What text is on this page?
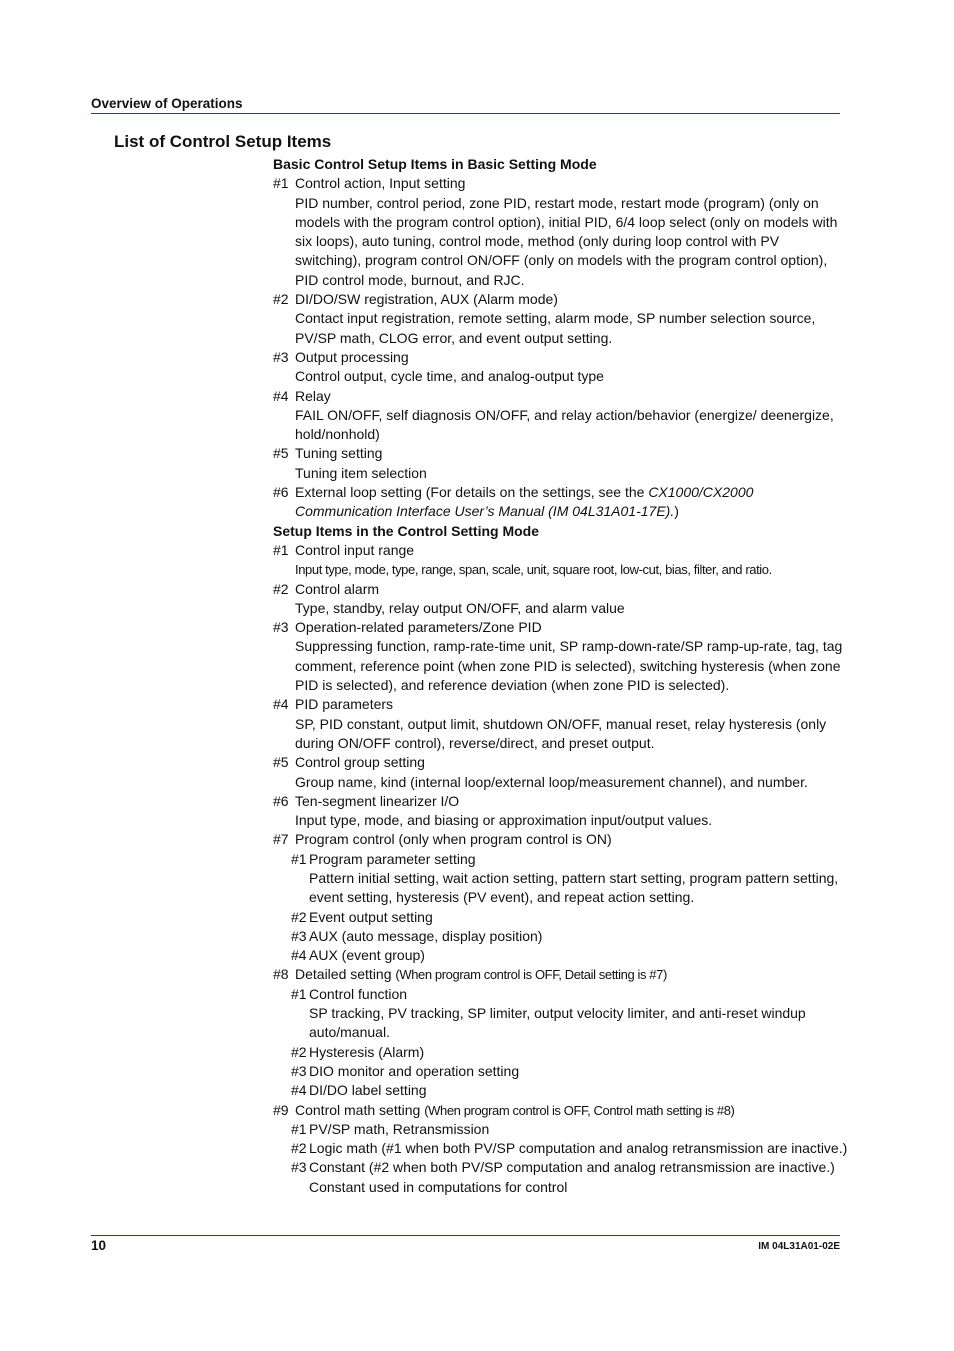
Overview of Operations
List of Control Setup Items
Basic Control Setup Items in Basic Setting Mode
#1 Control action, Input setting
PID number, control period, zone PID, restart mode, restart mode (program) (only on models with the program control option), initial PID, 6/4 loop select (only on models with six loops), auto tuning, control mode, method (only during loop control with PV switching), program control ON/OFF (only on models with the program control option), PID control mode, burnout, and RJC.
#2 DI/DO/SW registration, AUX (Alarm mode)
Contact input registration, remote setting, alarm mode, SP number selection source, PV/SP math, CLOG error, and event output setting.
#3 Output processing
Control output, cycle time, and analog-output type
#4 Relay
FAIL ON/OFF, self diagnosis ON/OFF, and relay action/behavior (energize/ deenergize, hold/nonhold)
#5 Tuning setting
Tuning item selection
#6 External loop setting (For details on the settings, see the CX1000/CX2000 Communication Interface User’s Manual (IM 04L31A01-17E).)
Setup Items in the Control Setting Mode
#1 Control input range
Input type, mode, type, range, span, scale, unit, square root, low-cut, bias, filter, and ratio.
#2 Control alarm
Type, standby, relay output ON/OFF, and alarm value
#3 Operation-related parameters/Zone PID
Suppressing function, ramp-rate-time unit, SP ramp-down-rate/SP ramp-up-rate, tag, tag comment, reference point (when zone PID is selected), switching hysteresis (when zone PID is selected), and reference deviation (when zone PID is selected).
#4 PID parameters
SP, PID constant, output limit, shutdown ON/OFF, manual reset, relay hysteresis (only during ON/OFF control), reverse/direct, and preset output.
#5 Control group setting
Group name, kind (internal loop/external loop/measurement channel), and number.
#6 Ten-segment linearizer I/O
Input type, mode, and biasing or approximation input/output values.
#7 Program control (only when program control is ON)
#1 Program parameter setting
Pattern initial setting, wait action setting, pattern start setting, program pattern setting, event setting, hysteresis (PV event), and repeat action setting.
#2 Event output setting
#3 AUX (auto message, display position)
#4 AUX (event group)
#8 Detailed setting (When program control is OFF, Detail setting is #7)
#1 Control function
SP tracking, PV tracking, SP limiter, output velocity limiter, and anti-reset windup auto/manual.
#2 Hysteresis (Alarm)
#3 DIO monitor and operation setting
#4 DI/DO label setting
#9 Control math setting (When program control is OFF, Control math setting is #8)
#1 PV/SP math, Retransmission
#2 Logic math (#1 when both PV/SP computation and analog retransmission are inactive.)
#3 Constant (#2 when both PV/SP computation and analog retransmission are inactive.)
Constant used in computations for control
10	IM 04L31A01-02E
